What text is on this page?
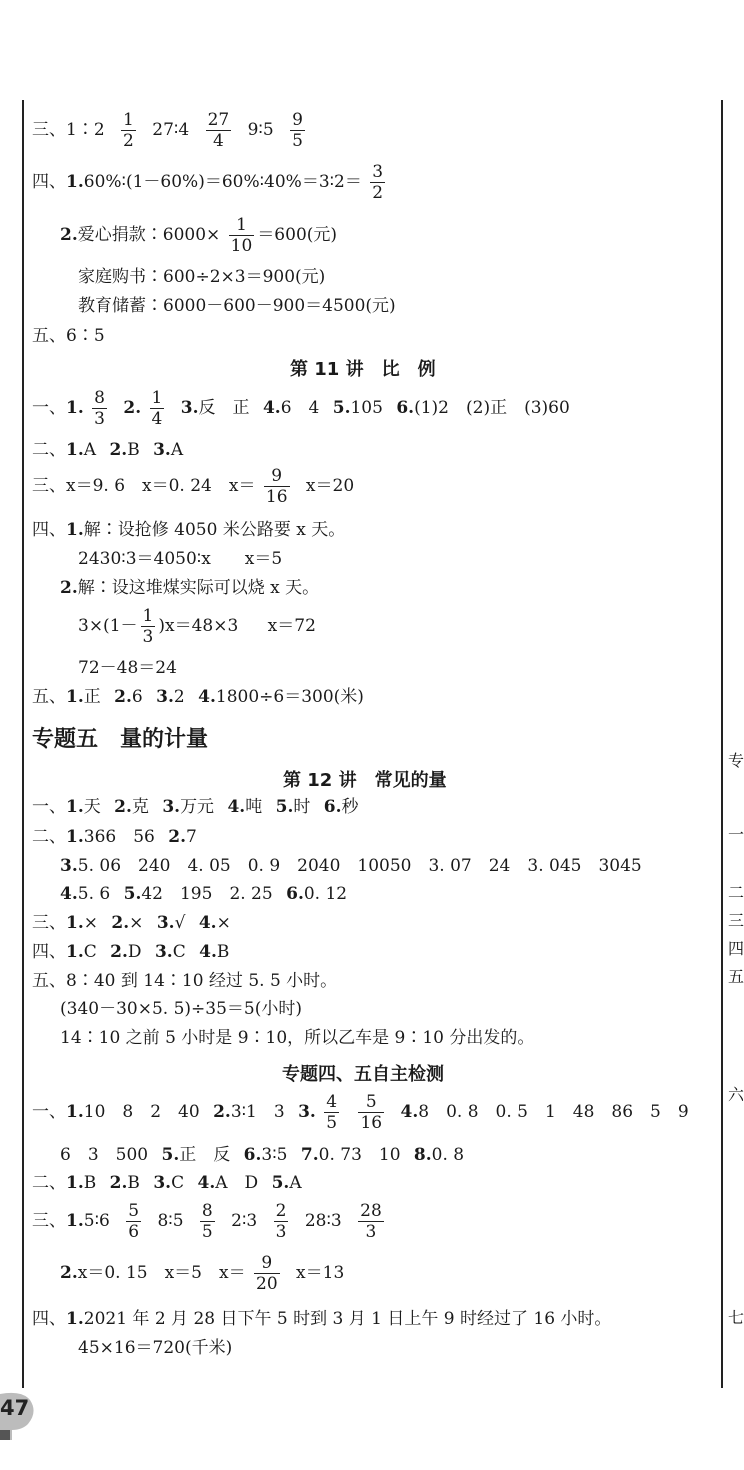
专
一
二
三
四
五
六
七
三、1∶2 $\frac{1}{2}$ 27∶4 $\frac{27}{4}$ 9∶5 $\frac{9}{5}$
四、1.60%∶(1－60%)＝60%∶40%＝3∶2＝ $\frac{3}{2}$
2.爱心捐款∶6000× $\frac{1}{10} =600$(元)
家庭购书∶600÷2×3＝900(元)
教育储蓄∶6000－600－900＝4500(元)
五、6∶5
第 11 讲　比　例
一、1. $\frac{8}{3} 2$. $\frac{1}{4} 3$.反　正 4.6　4 5.105 6.(1)2　(2)正　(3)60
二、1.A 2.B 3.A
三、x＝9. 6　x＝0. 24　$x= \frac{9}{16} x=20$
四、1.解∶设抢修 4050 米公路要 x 天。
2430∶3＝4050∶x　　x＝5
2.解∶设这堆煤实际可以烧 x 天。
$3\times(1- \frac{1}{3} )x=48\times 3$ x＝72
72－48＝24
五、1.正 2.6 3.2 4.1800÷6＝300(米)
专题五　量的计量
第 12 讲　常见的量
一、1.天 2.克 3.万元 4.吨 5.时 6.秒
二、1.366　56 2.7
3.5. 06　240　4. 05　0. 9　2040　10050　3. 07　24　3. 045　3045
4.5. 6 5.42　195　2. 25 6.0. 12
三、1.× 2.× 3.√ 4.×
四、1.C 2.D 3.C 4.B
五、8∶40 到 14∶10 经过 5. 5 小时。
(340－30×5. 5)÷35＝5(小时)
14∶10 之前 5 小时是 9∶10，所以乙车是 9∶10 分出发的。
专题四、五自主检测
一、1.10　8　2　40 2.3∶1　3 3. $\frac{4}{5}$
$\frac{5}{16} 4.8$　0. 8　0. 5　1　48　86　5　9
6　3　500 5.正　反 6.3∶5 7.0. 73　10 8.0. 8
二、1.B 2.B 3.C 4.A　D 5.A
三、1.5∶6 $\frac{5}{6}$ 8∶5 $\frac{8}{5}$ 2∶3 $\frac{2}{3}$ 28∶3 $\frac{28}{3}$
2.x＝0. 15　x＝5　$x= \frac{9}{20} x=13$
四、1.2021 年 2 月 28 日下午 5 时到 3 月 1 日上午 9 时经过了 16 小时。
45×16＝720(千米)
47
